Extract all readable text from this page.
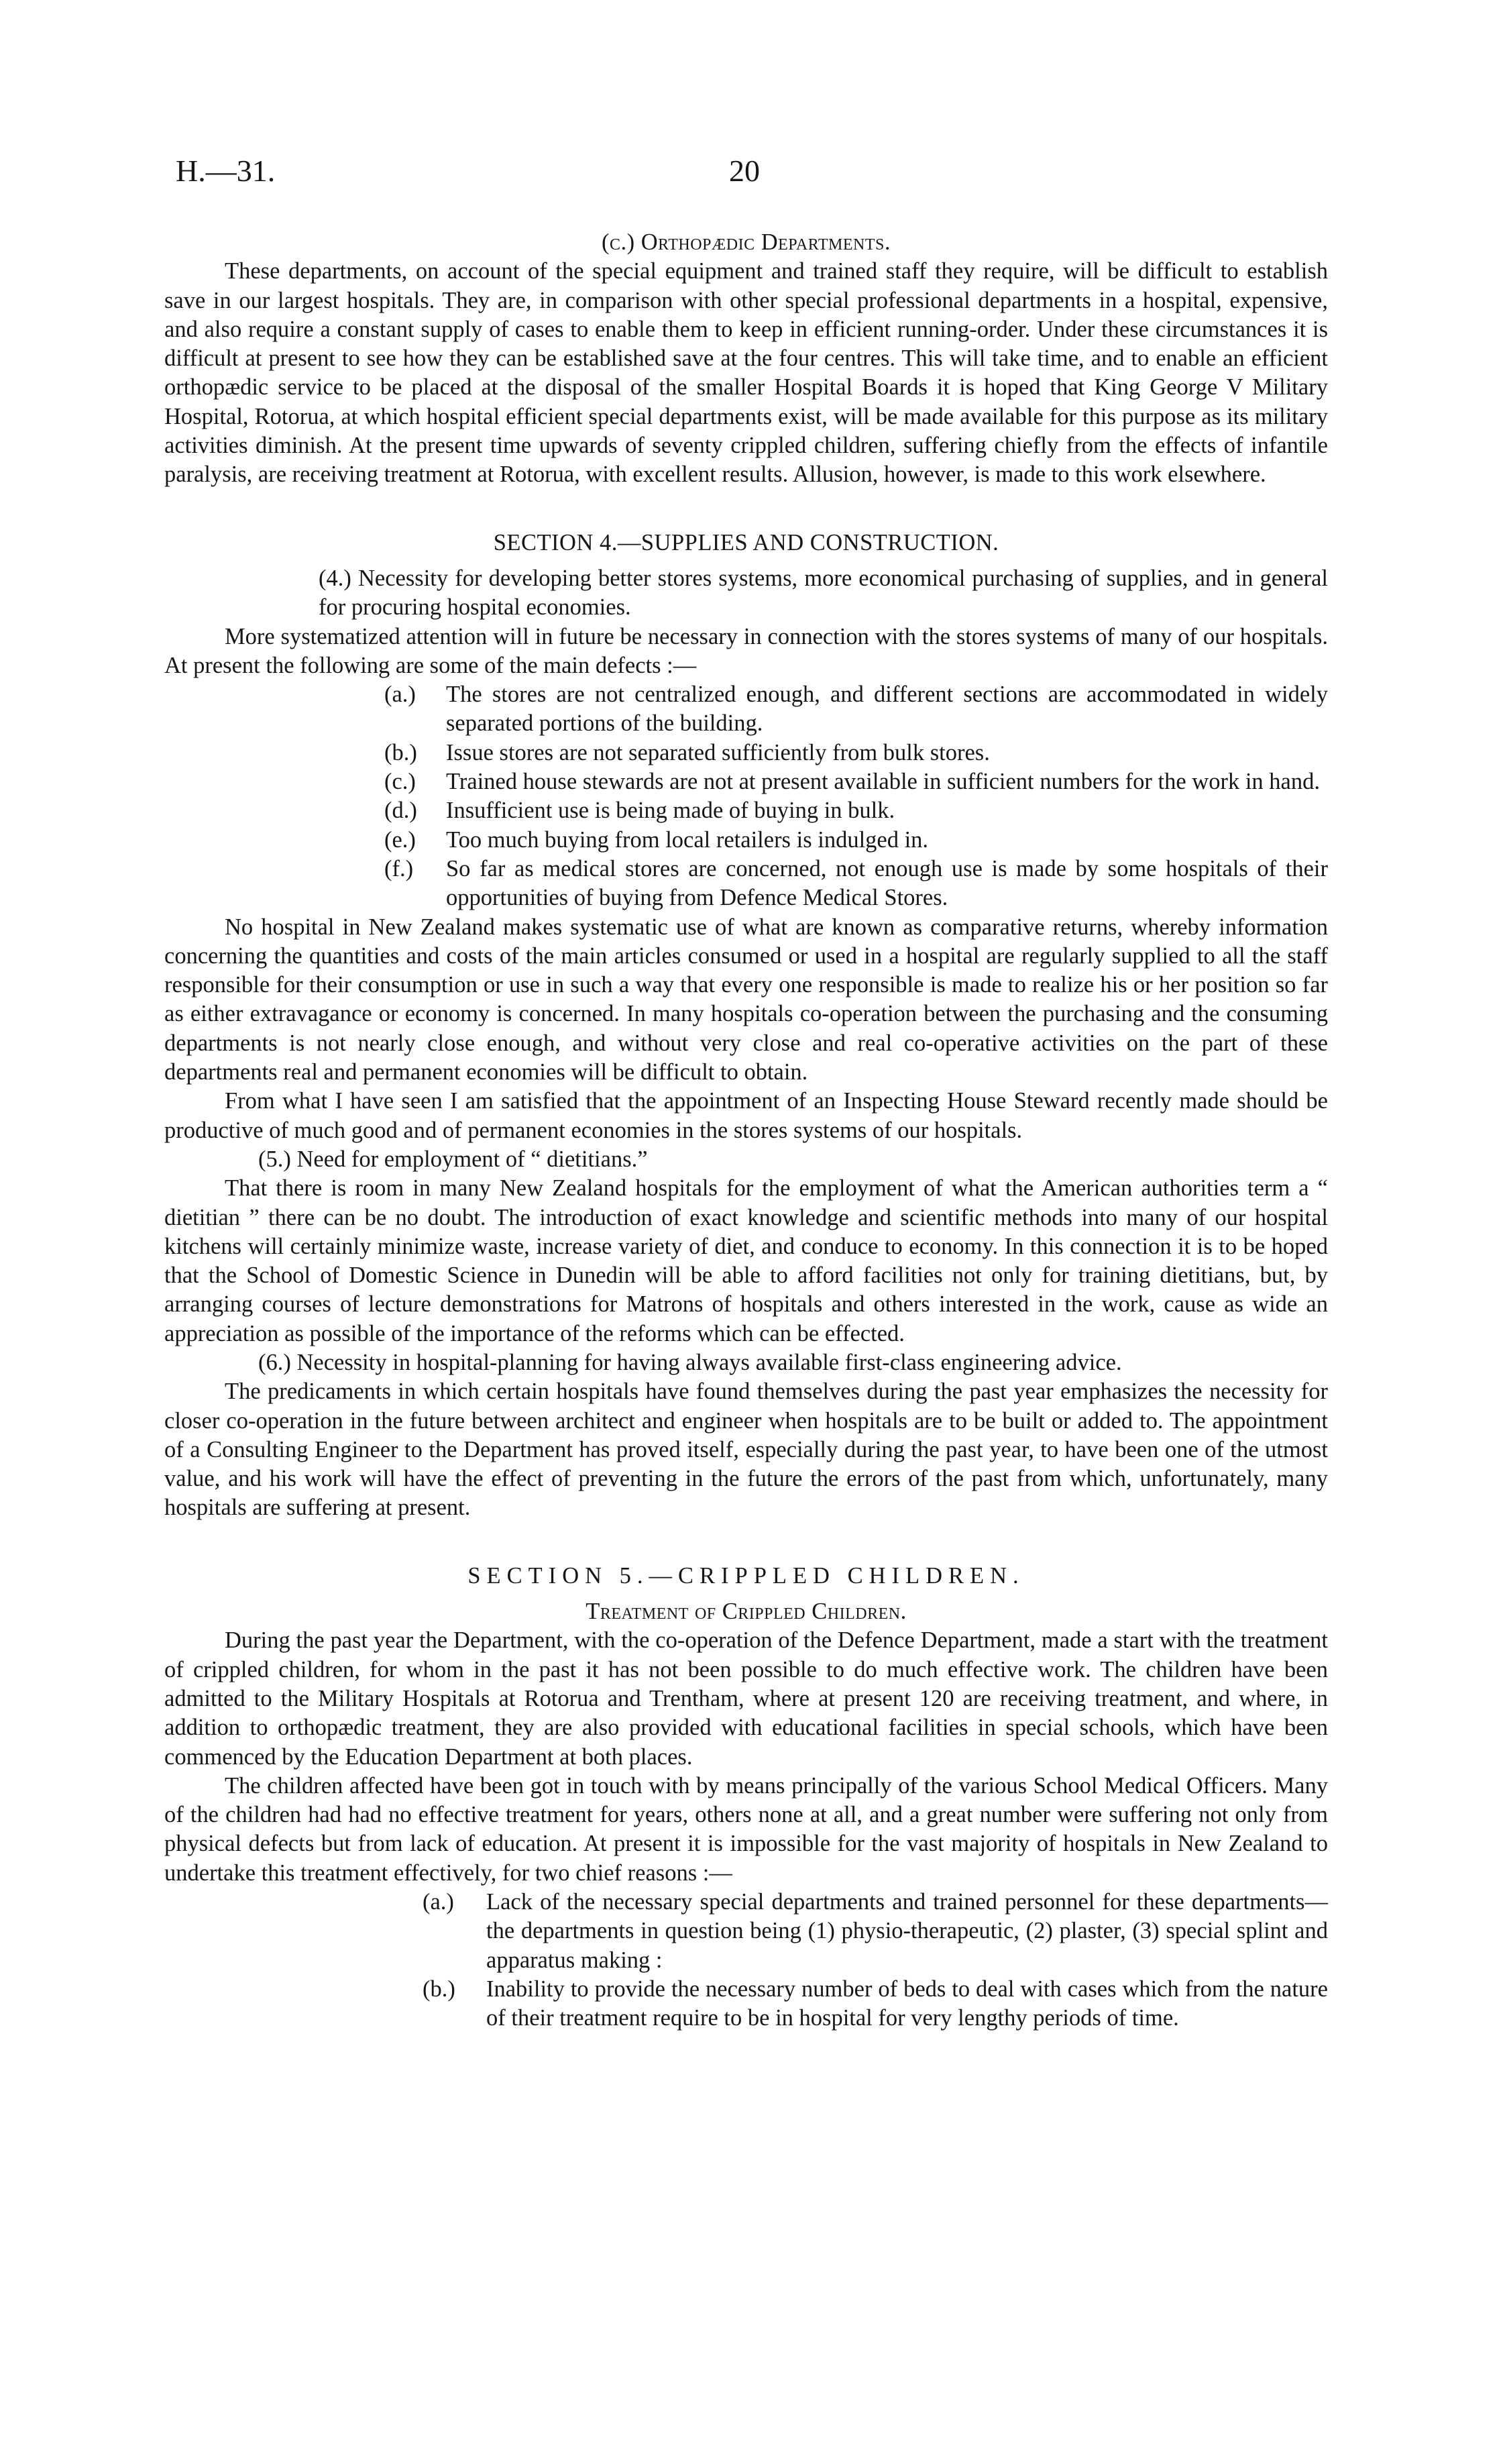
H.—31.	20

(c.) Orthopædic Departments.

These departments, on account of the special equipment and trained staff they require, will be difficult to establish save in our largest hospitals. They are, in comparison with other special professional departments in a hospital, expensive, and also require a constant supply of cases to enable them to keep in efficient running-order. Under these circumstances it is difficult at present to see how they can be established save at the four centres. This will take time, and to enable an efficient orthopædic service to be placed at the disposal of the smaller Hospital Boards it is hoped that King George V Military Hospital, Rotorua, at which hospital efficient special departments exist, will be made available for this purpose as its military activities diminish. At the present time upwards of seventy crippled children, suffering chiefly from the effects of infantile paralysis, are receiving treatment at Rotorua, with excellent results. Allusion, however, is made to this work elsewhere.

SECTION 4.—SUPPLIES AND CONSTRUCTION.

(4.) Necessity for developing better stores systems, more economical purchasing of supplies, and in general for procuring hospital economies.

More systematized attention will in future be necessary in connection with the stores systems of many of our hospitals. At present the following are some of the main defects :—

(a.) The stores are not centralized enough, and different sections are accommodated in widely separated portions of the building.

(b.) Issue stores are not separated sufficiently from bulk stores.

(c.) Trained house stewards are not at present available in sufficient numbers for the work in hand.

(d.) Insufficient use is being made of buying in bulk.

(e.) Too much buying from local retailers is indulged in.

(f.) So far as medical stores are concerned, not enough use is made by some hospitals of their opportunities of buying from Defence Medical Stores.

No hospital in New Zealand makes systematic use of what are known as comparative returns, whereby information concerning the quantities and costs of the main articles consumed or used in a hospital are regularly supplied to all the staff responsible for their consumption or use in such a way that every one responsible is made to realize his or her position so far as either extravagance or economy is concerned. In many hospitals co-operation between the purchasing and the consuming departments is not nearly close enough, and without very close and real co-operative activities on the part of these departments real and permanent economies will be difficult to obtain.

From what I have seen I am satisfied that the appointment of an Inspecting House Steward recently made should be productive of much good and of permanent economies in the stores systems of our hospitals.

(5.) Need for employment of “ dietitians.”

That there is room in many New Zealand hospitals for the employment of what the American authorities term a “ dietitian ” there can be no doubt. The introduction of exact knowledge and scientific methods into many of our hospital kitchens will certainly minimize waste, increase variety of diet, and conduce to economy. In this connection it is to be hoped that the School of Domestic Science in Dunedin will be able to afford facilities not only for training dietitians, but, by arranging courses of lecture demonstrations for Matrons of hospitals and others interested in the work, cause as wide an appreciation as possible of the importance of the reforms which can be effected.

(6.) Necessity in hospital-planning for having always available first-class engineering advice.

The predicaments in which certain hospitals have found themselves during the past year emphasizes the necessity for closer co-operation in the future between architect and engineer when hospitals are to be built or added to. The appointment of a Consulting Engineer to the Department has proved itself, especially during the past year, to have been one of the utmost value, and his work will have the effect of preventing in the future the errors of the past from which, unfortunately, many hospitals are suffering at present.

SECTION 5.—CRIPPLED CHILDREN.

Treatment of Crippled Children.

During the past year the Department, with the co-operation of the Defence Department, made a start with the treatment of crippled children, for whom in the past it has not been possible to do much effective work. The children have been admitted to the Military Hospitals at Rotorua and Trentham, where at present 120 are receiving treatment, and where, in addition to orthopædic treatment, they are also provided with educational facilities in special schools, which have been commenced by the Education Department at both places.

The children affected have been got in touch with by means principally of the various School Medical Officers. Many of the children had had no effective treatment for years, others none at all, and a great number were suffering not only from physical defects but from lack of education. At present it is impossible for the vast majority of hospitals in New Zealand to undertake this treatment effectively, for two chief reasons :—

(a.) Lack of the necessary special departments and trained personnel for these departments—the departments in question being (1) physio-therapeutic, (2) plaster, (3) special splint and apparatus making :

(b.) Inability to provide the necessary number of beds to deal with cases which from the nature of their treatment require to be in hospital for very lengthy periods of time.
